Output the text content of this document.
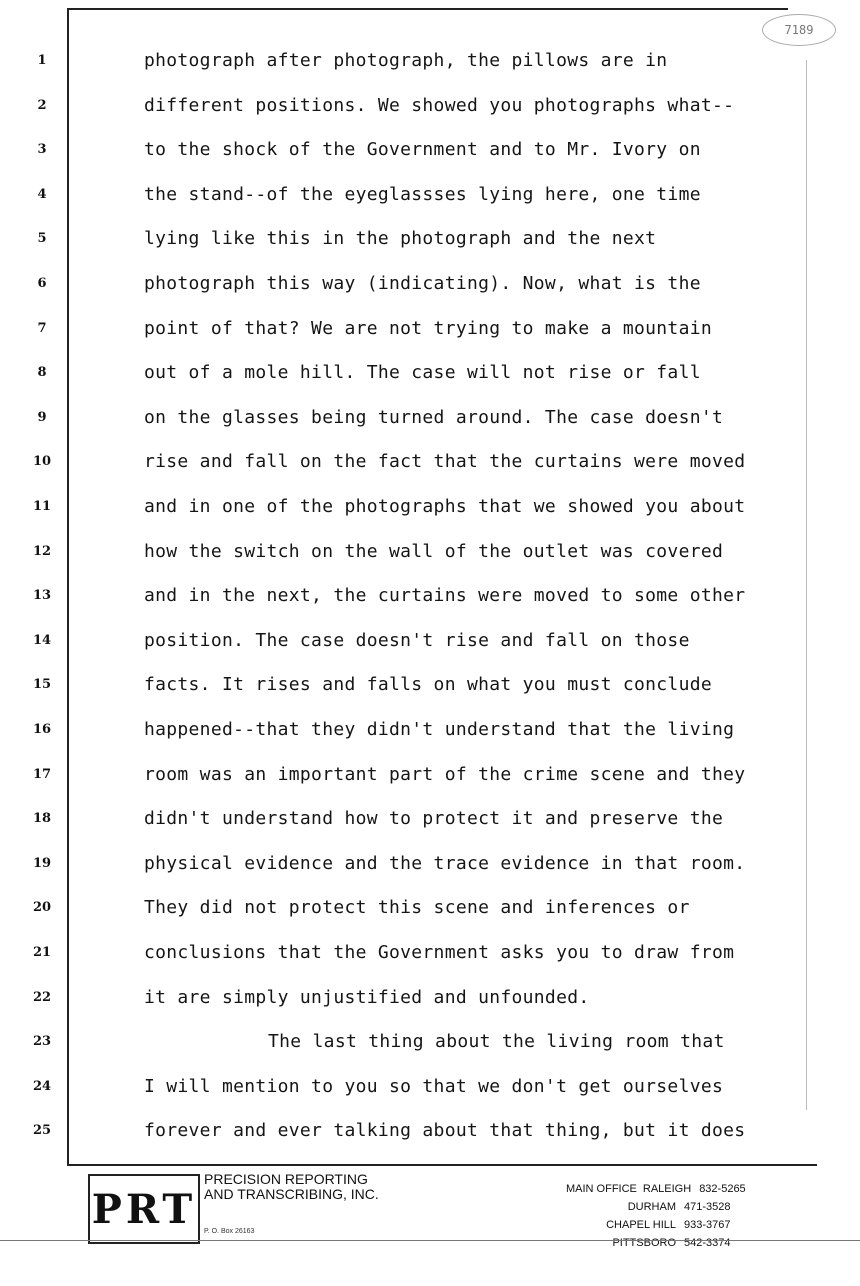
7189
1	photograph after photograph, the pillows are in
2	different positions. We showed you photographs what--
3	to the shock of the Government and to Mr. Ivory on
4	the stand--of the eyeglassses lying here, one time
5	lying like this in the photograph and the next
6	photograph this way (indicating). Now, what is the
7	point of that? We are not trying to make a mountain
8	out of a mole hill. The case will not rise or fall
9	on the glasses being turned around. The case doesn't
10	rise and fall on the fact that the curtains were moved
11	and in one of the photographs that we showed you about
12	how the switch on the wall of the outlet was covered
13	and in the next, the curtains were moved to some other
14	position. The case doesn't rise and fall on those
15	facts. It rises and falls on what you must conclude
16	happened--that they didn't understand that the living
17	room was an important part of the crime scene and they
18	didn't understand how to protect it and preserve the
19	physical evidence and the trace evidence in that room.
20	They did not protect this scene and inferences or
21	conclusions that the Government asks you to draw from
22	it are simply unjustified and unfounded.
23	The last thing about the living room that
24	I will mention to you so that we don't get ourselves
25	forever and ever talking about that thing, but it does
PRT
PRECISION REPORTING
AND TRANSCRIBING, INC.
P. O. Box 26163
MAIN OFFICE RALEIGH 832-5265
DURHAM 471-3528
CHAPEL HILL 933-3767
PITTSBORO 542-3374
